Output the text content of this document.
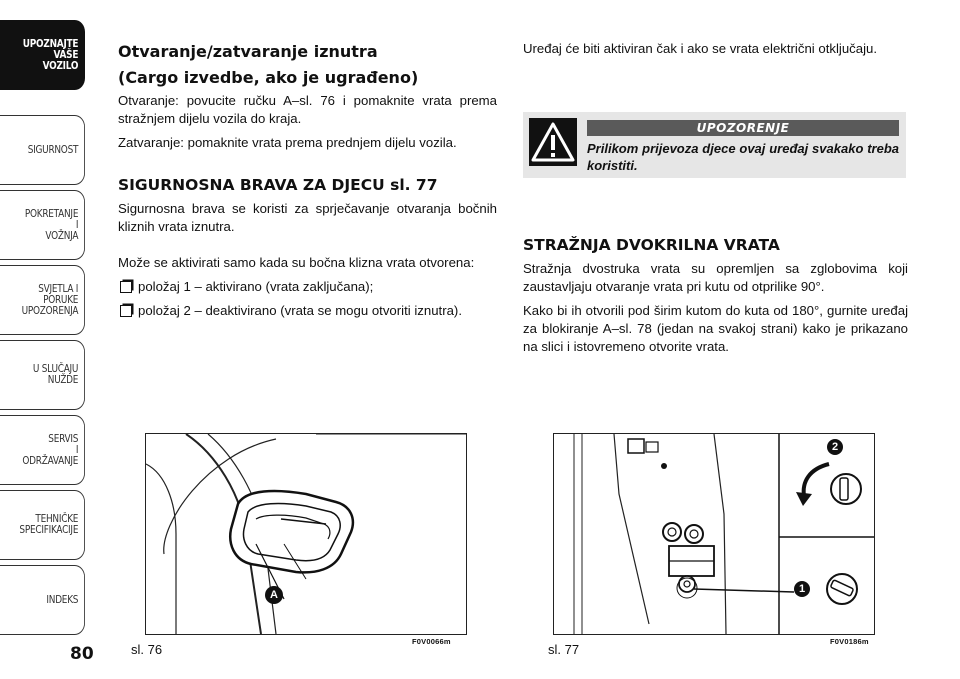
UPOZNAJTE
VAŠE
VOZILO
SIGURNOST
POKRETANJE
I
VOŽNJA
SVJETLA I
PORUKE
UPOZORENJA
U SLUČAJU
NUŽDE
SERVIS
I
ODRŽAVANJE
TEHNIČKE
SPECIFIKACIJE
INDEKS
80
Otvaranje/zatvaranje iznutra
(Cargo izvedbe, ako je ugrađeno)

Otvaranje: povucite ručku A–sl. 76 i pomaknite vrata prema stražnjem dijelu vozila do kraja.

Zatvaranje: pomaknite vrata prema prednjem dijelu vozila.

SIGURNOSNA BRAVA ZA DJECU sl. 77

Sigurnosna brava se koristi za sprječavanje otvaranja bočnih kliznih vrata iznutra.

Može se aktivirati samo kada su bočna klizna vrata otvorena:

položaj 1 – aktivirano (vrata zaključana);
položaj 2 – deaktivirano (vrata se mogu otvoriti iznutra).

Uređaj će biti aktiviran čak i ako se vrata električni otključaju.

UPOZORENJE
Prilikom prijevoza djece ovaj uređaj svakako treba koristiti.
STRAŽNJA DVOKRILNA VRATA

Stražnja dvostruka vrata su opremljen sa zglobovima koji zaustavljaju otvaranje vrata pri kutu od otprilike 90°.

Kako bi ih otvorili pod širim kutom do kuta od 180°, gurnite uređaj za blokiranje A–sl. 78 (jedan na svakoj strani) kako je prikazano na slici i istovremeno otvorite vrata.

A
sl. 76
F0V0066m
2
1
sl. 77
F0V0186m
